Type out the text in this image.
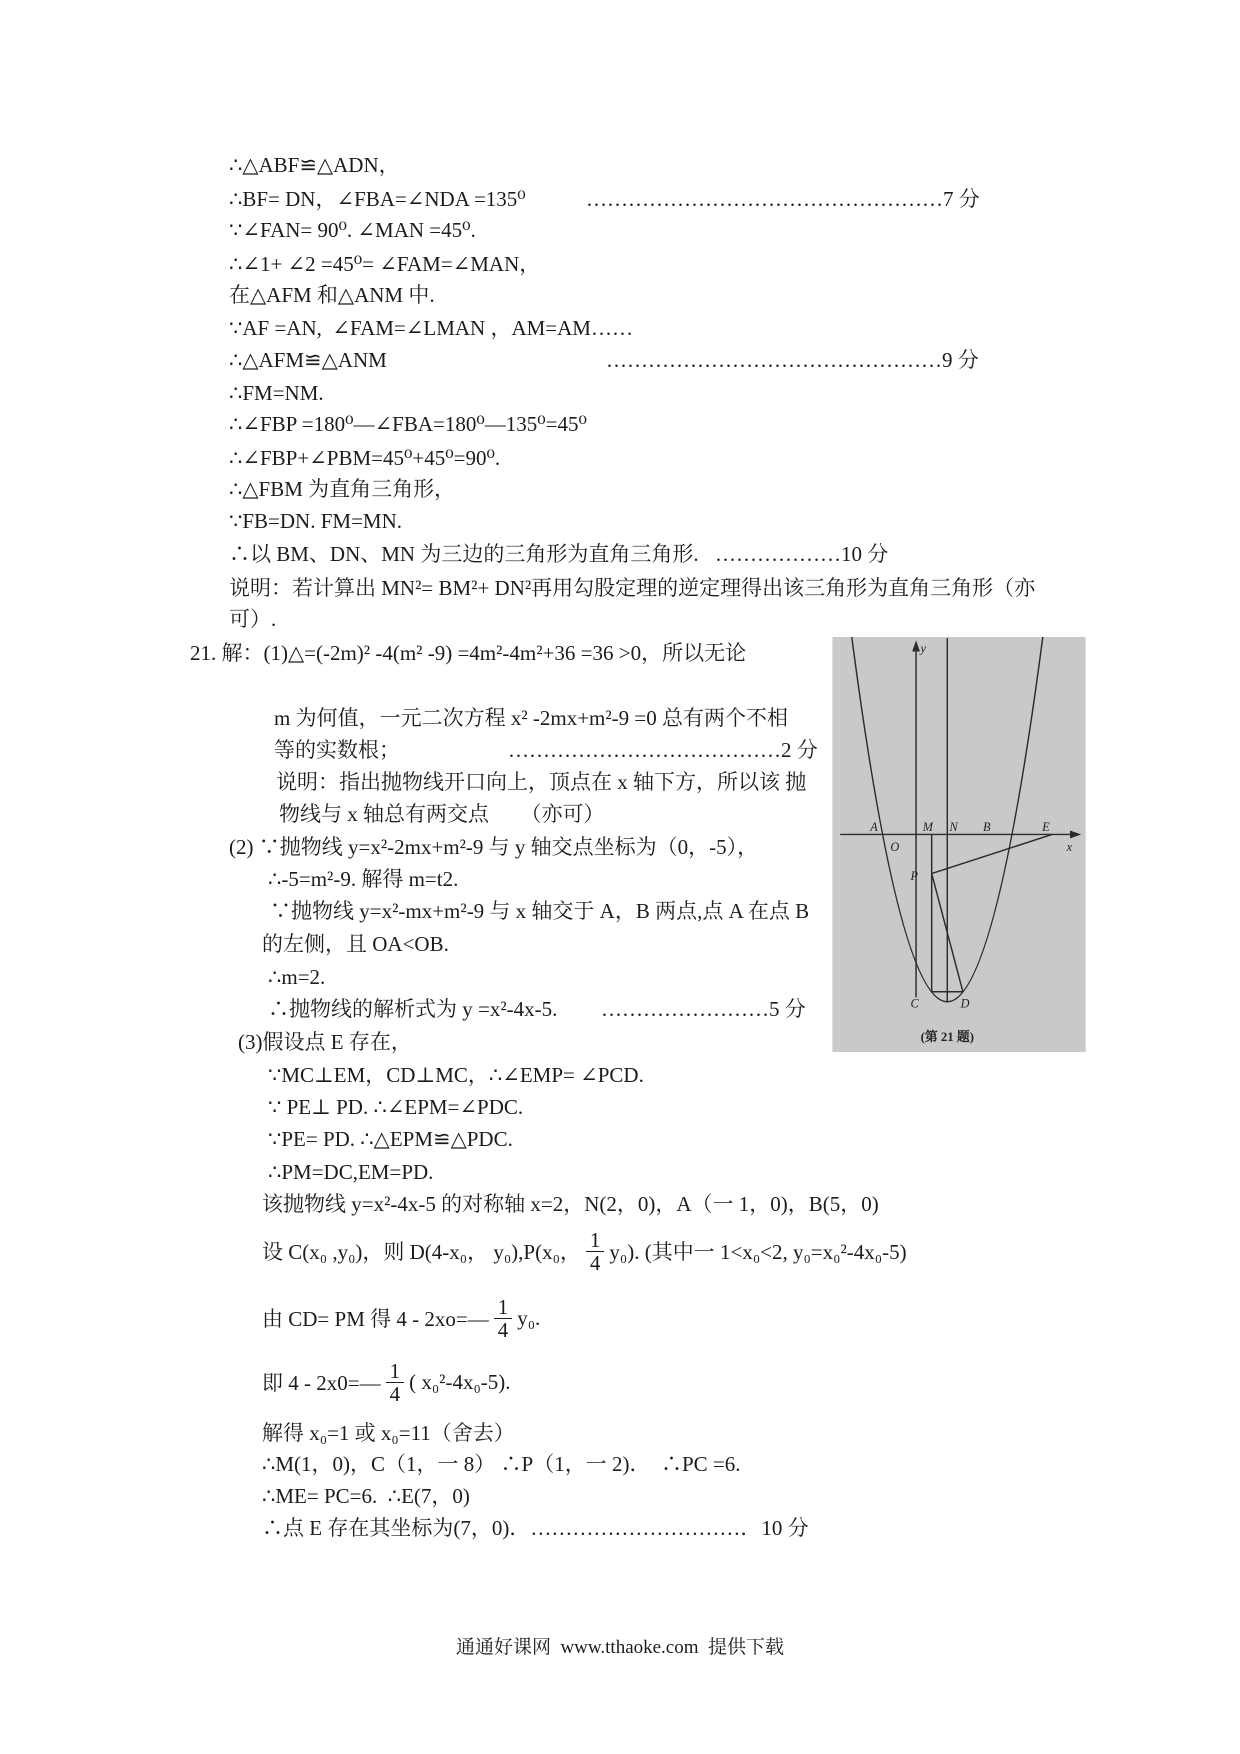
∴△ABF≌△ADN，
∴BF= DN，∠FBA=∠NDA =135⁰	……………………………………………7 分
∵∠FAN= 90⁰. ∠MAN =45⁰.
∴∠1+ ∠2 =45⁰= ∠FAM=∠MAN，
在△AFM 和△ANM 中.
∵AF =AN,  ∠FAM=∠LMAN ，AM=AM……
∴△AFM≌△ANM	…………………………………………9 分
∴FM=NM.
∴∠FBP =180⁰—∠FBA=180⁰—135⁰=45⁰
∴∠FBP+∠PBM=45⁰+45⁰=90⁰.
∴△FBM 为直角三角形，
∵FB=DN. FM=MN.
∴以 BM、DN、MN 为三边的三角形为直角三角形. ………………10 分
说明：若计算出 MN²= BM²+ DN²再用勾股定理的逆定理得出该三角形为直角三角形（亦
可）.
21. 解：(1)△=(-2m)² -4(m² -9) =4m²-4m²+36 =36 >0，所以无论
m 为何值，一元二次方程 x² -2mx+m²-9 =0 总有两个不相
等的实数根；	…………………………………2 分
说明：指出抛物线开口向上，顶点在 x 轴下方，所以该 抛
物线与 x 轴总有两交点      （亦可）
(2) ∵抛物线 y=x²-2mx+m²-9 与 y 轴交点坐标为（0，-5），
∴-5=m²-9. 解得 m=t2.
∵抛物线 y=x²-mx+m²-9 与 x 轴交于 A，B 两点,点 A 在点 B
的左侧，且 OA<OB.
∴m=2.
∴抛物线的解析式为 y =x²-4x-5. ……………………5 分
(3)假设点 E 存在，
∵MC⊥EM，CD⊥MC，∴∠EMP= ∠PCD.
∵ PE⊥ PD. ∴∠EPM=∠PDC.
∵PE= PD. ∴△EPM≌△PDC.
∴PM=DC,EM=PD.
该抛物线 y=x²-4x-5 的对称轴 x=2，N(2，0)，A（一 1，0)，B(5，0)
设 C(x₀ ,y₀)，则 D(4-x₀， y₀),P(x₀， $\frac{1}{4} y_0$). (其中一 1<x₀<2, y₀=x₀²-4x₀-5)
由 CD= PM 得 4 - 2xo=— $\frac{1}{4} y_0$.
即 4 - 2x0=— $\frac{1}{4}$ ( x₀²-4x₀-5).
解得 x₀=1 或 x₀=11（舍去）
∴M(1，0)，C（1，一 8） ∴P（1，一 2)．  ∴PC =6.
∴ME= PC=6.  ∴E(7，0)
∴点 E 存在其坐标为(7，0)．…………………………．10 分
y
x
A
O
M N B	E
P
C	D
(第 21 题)
通通好课网  www.tthaoke.com  提供下载
